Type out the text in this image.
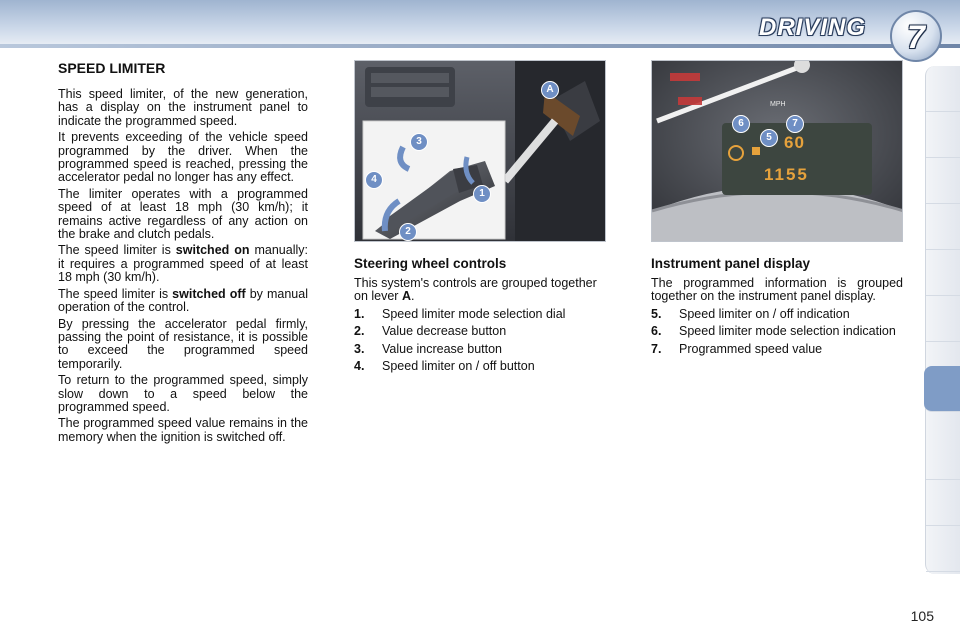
DRIVING	7
SPEED LIMITER

This speed limiter, of the new generation, has a display on the instrument panel to indicate the programmed speed.

It prevents exceeding of the vehicle speed programmed by the driver. When the programmed speed is reached, pressing the accelerator pedal no longer has any effect.

The limiter operates with a programmed speed of at least 18 mph (30 km/h); it remains active regardless of any action on the brake and clutch pedals.

The speed limiter is switched on manually: it requires a programmed speed of at least 18 mph (30 km/h).

The speed limiter is switched off by manual operation of the control.

By pressing the accelerator pedal firmly, passing the point of resistance, it is possible to exceed the programmed speed temporarily.

To return to the programmed speed, simply slow down to a speed below the programmed speed.

The programmed speed value remains in the memory when the ignition is switched off.

A
3
4
1
2
Steering wheel controls

This system's controls are grouped together on lever A.

1.	Speed limiter mode selection dial
2.	Value decrease button
3.	Value increase button
4.	Speed limiter on / off button
MPH
60
1155
6
5
7
Instrument panel display

The programmed information is grouped together on the instrument panel display.

5.	Speed limiter on / off indication
6.	Speed limiter mode selection indication
7.	Programmed speed value
105
